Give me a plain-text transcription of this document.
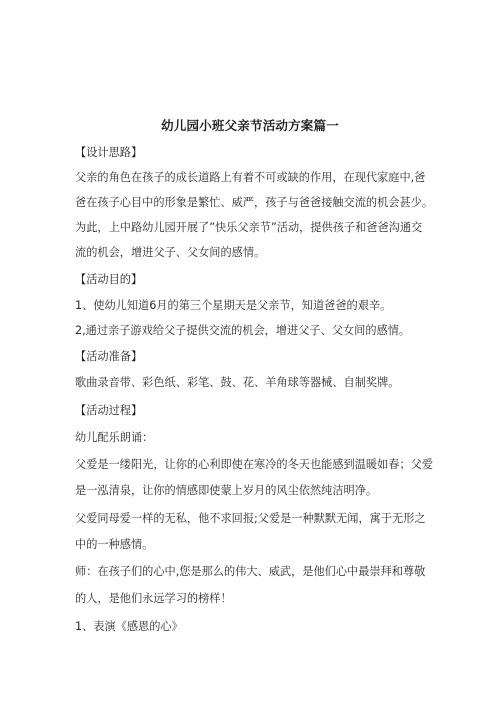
幼儿园小班父亲节活动方案篇一
【设计思路】
父亲的角色在孩子的成长道路上有着不可或缺的作用，在现代家庭中,爸
爸在孩子心目中的形象是繁忙、威严，孩子与爸爸接触交流的机会甚少。
为此，上中路幼儿园开展了”快乐父亲节”活动，提供孩子和爸爸沟通交
流的机会，增进父子、父女间的感情。
【活动目的】
1、使幼儿知道6月的第三个星期天是父亲节，知道爸爸的艰辛。
2,通过亲子游戏给父子提供交流的机会，增进父子、父女间的感情。
【活动准备】
歌曲录音带、彩色纸、彩笔、鼓、花、羊角球等器械、自制奖牌。
【活动过程】
幼儿配乐朗诵：
父爱是一缕阳光，让你的心利即使在寒冷的冬天也能感到温暖如春；父爱
是一泓清泉，让你的情感即使蒙上岁月的风尘依然纯洁明净。
父爱同母爱一样的无私，他不求回报;父爱是一种默默无闻，寓于无形之
中的一种感情。
师：在孩子们的心中,您是那么的伟大、威武，是他们心中最崇拜和尊敬
的人，是他们永远学习的榜样！
1、表演《感恩的心》
